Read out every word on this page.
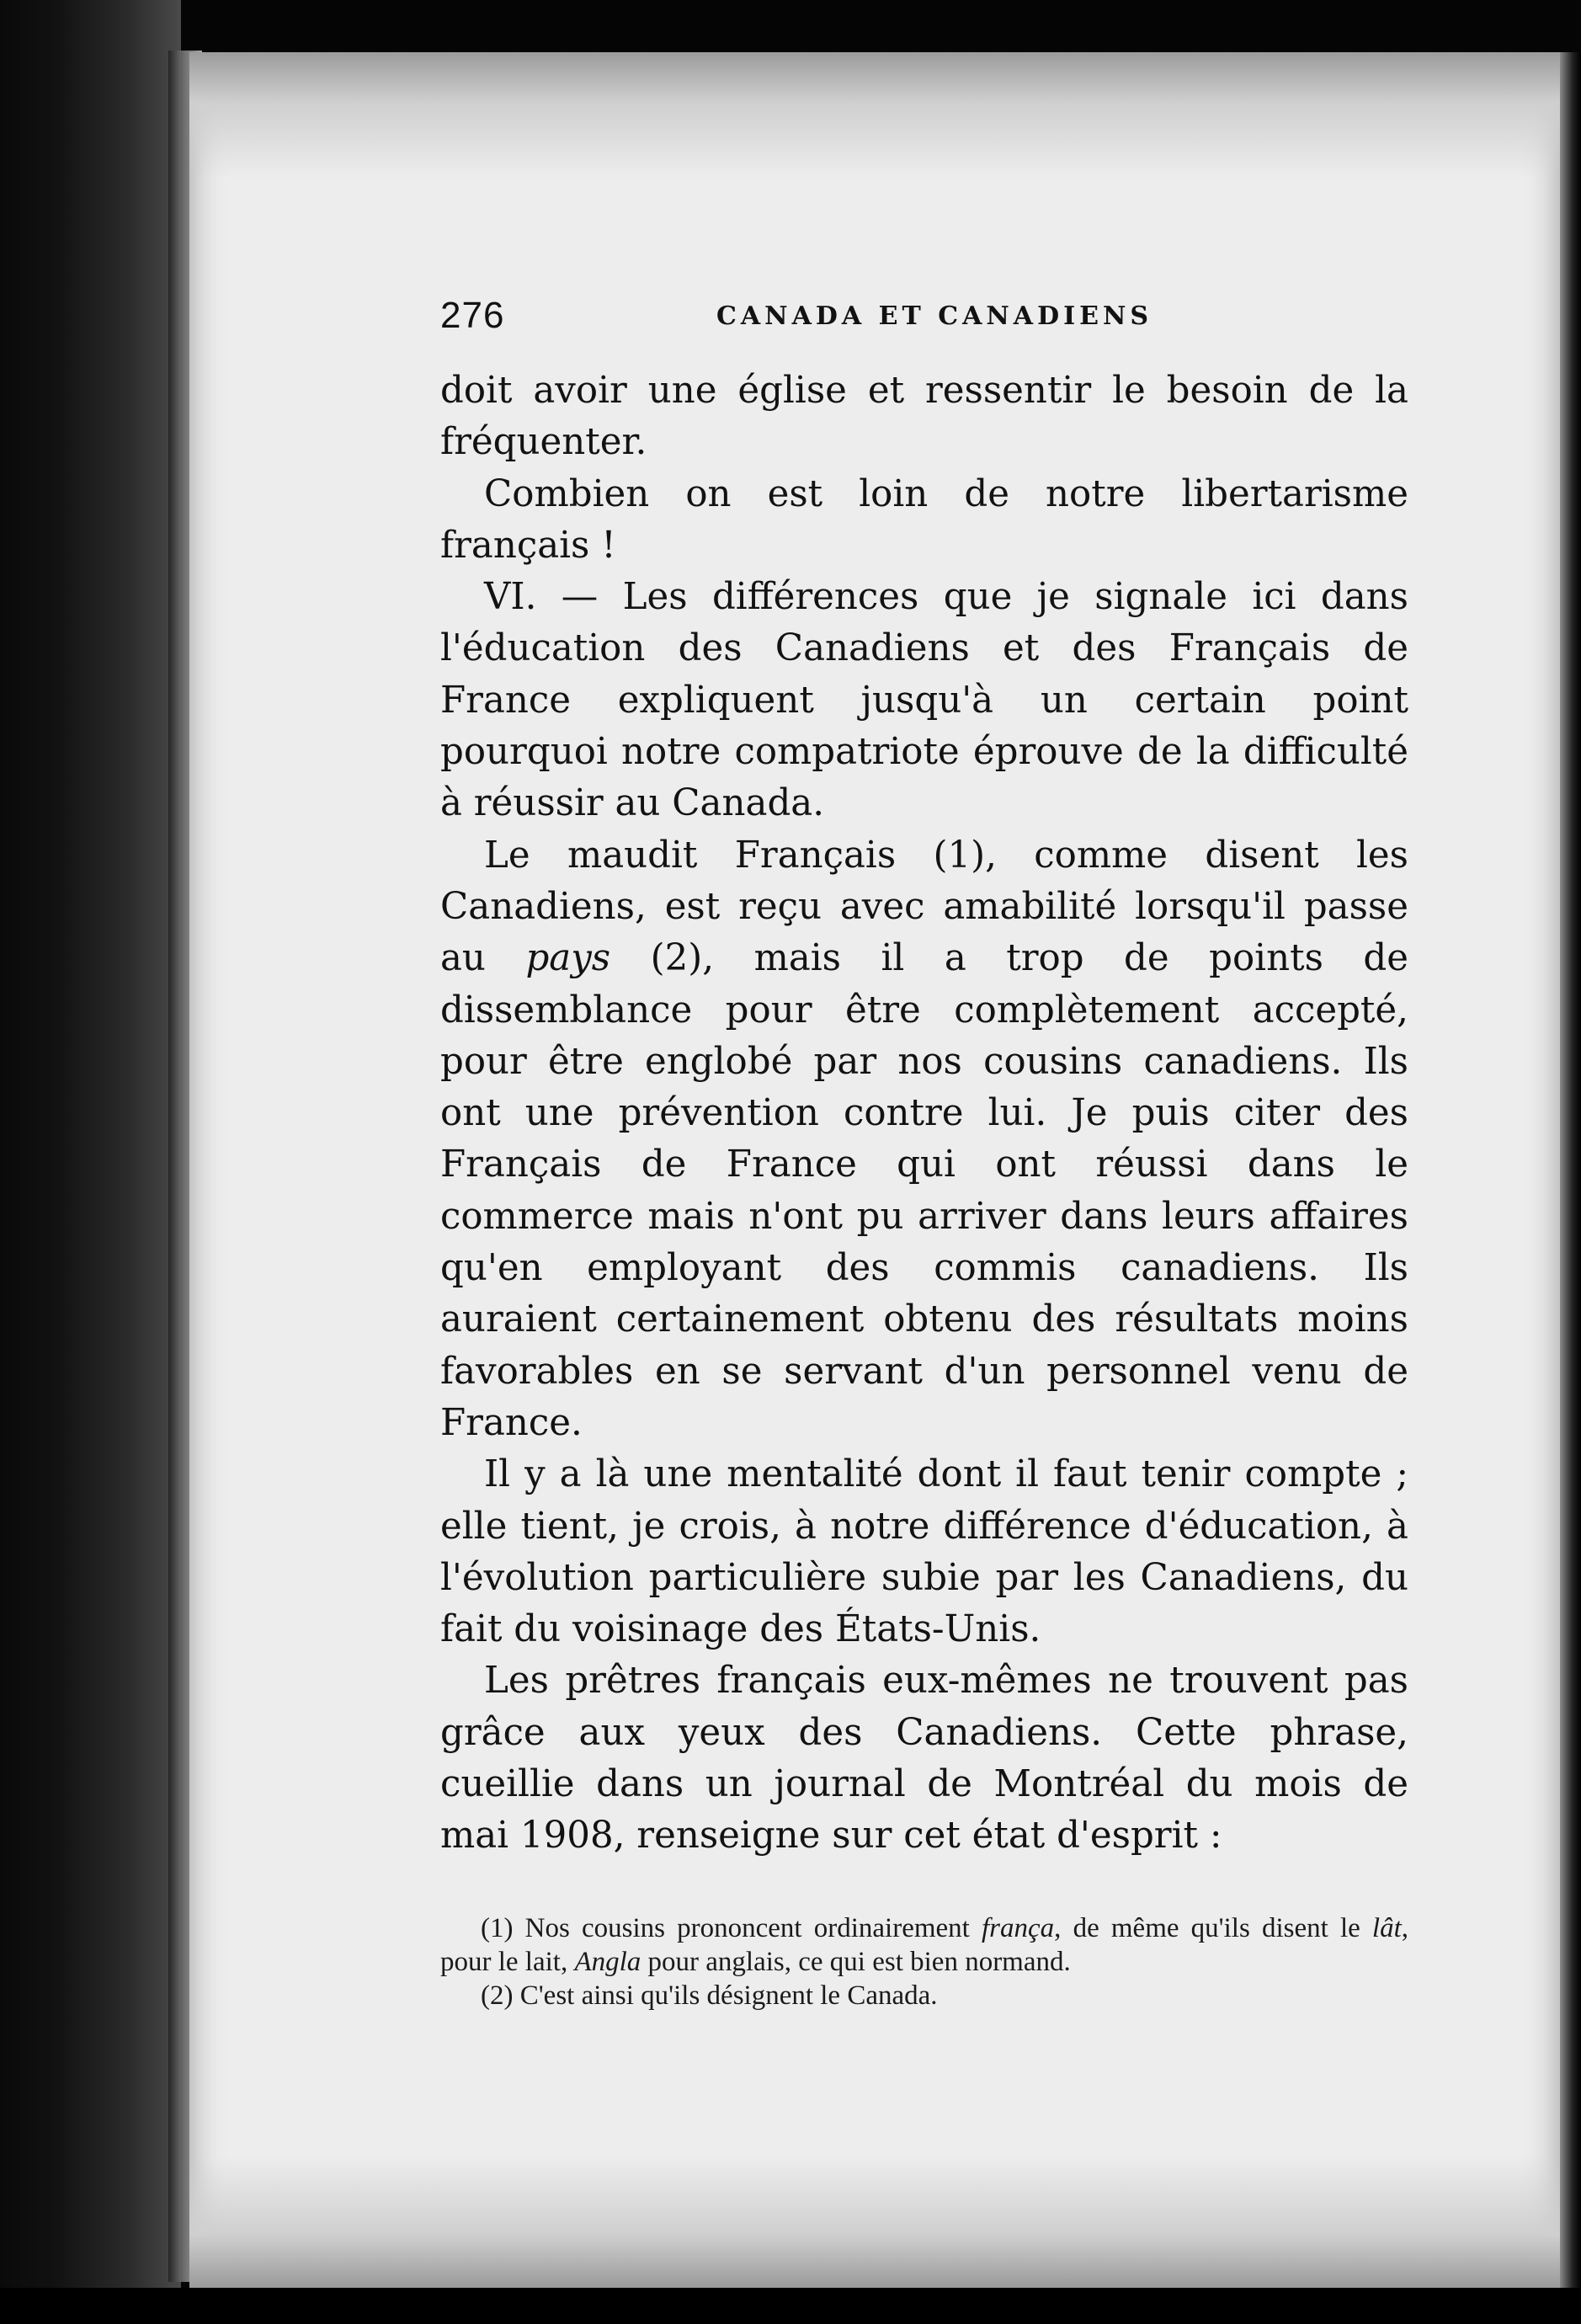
276	CANADA ET CANADIENS

doit avoir une église et ressentir le besoin de la fréquenter.

Combien on est loin de notre libertarisme français !

VI. — Les différences que je signale ici dans l'éducation des Canadiens et des Français de France expliquent jusqu'à un certain point pourquoi notre compatriote éprouve de la difficulté à réussir au Canada.

Le maudit Français (1), comme disent les Canadiens, est reçu avec amabilité lorsqu'il passe au pays (2), mais il a trop de points de dissemblance pour être complètement accepté, pour être englobé par nos cousins canadiens. Ils ont une prévention contre lui. Je puis citer des Français de France qui ont réussi dans le commerce mais n'ont pu arriver dans leurs affaires qu'en employant des commis canadiens. Ils auraient certainement obtenu des résultats moins favorables en se servant d'un personnel venu de France.

Il y a là une mentalité dont il faut tenir compte ; elle tient, je crois, à notre différence d'éducation, à l'évolution particulière subie par les Canadiens, du fait du voisinage des États-Unis.

Les prêtres français eux-mêmes ne trouvent pas grâce aux yeux des Canadiens. Cette phrase, cueillie dans un journal de Montréal du mois de mai 1908, renseigne sur cet état d'esprit :

(1) Nos cousins prononcent ordinairement frança, de même qu'ils disent le lât, pour le lait, Angla pour anglais, ce qui est bien normand.

(2) C'est ainsi qu'ils désignent le Canada.
